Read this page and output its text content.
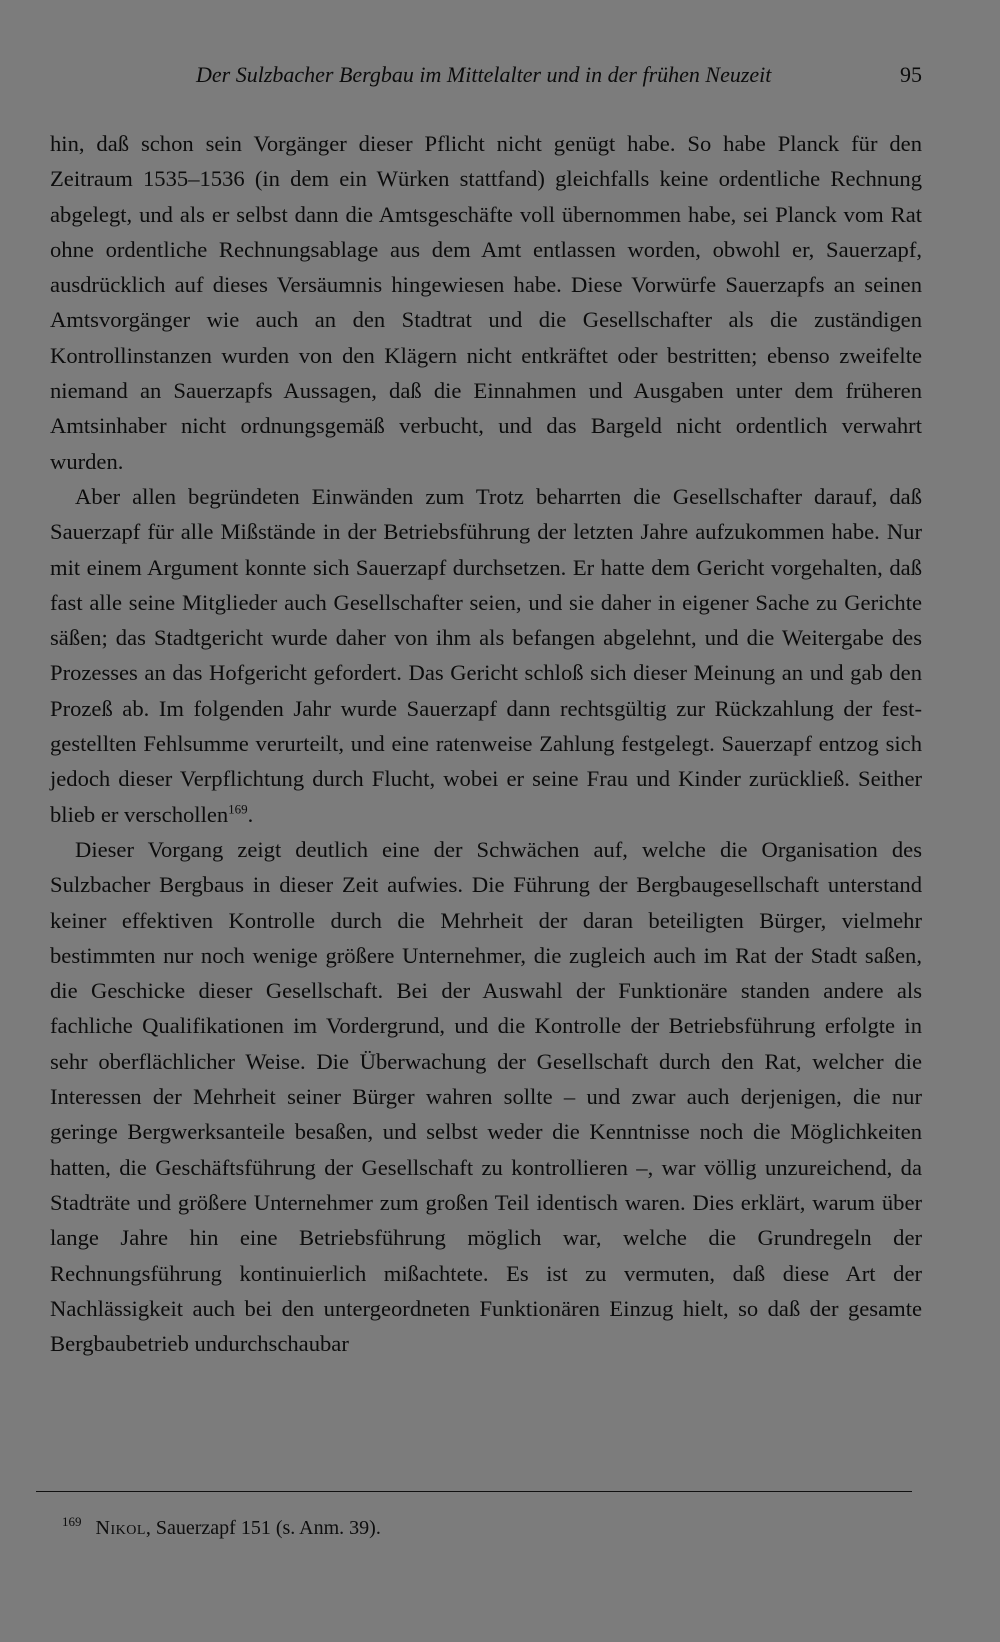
Der Sulzbacher Bergbau im Mittelalter und in der frühen Neuzeit	95

hin, daß schon sein Vorgänger dieser Pflicht nicht genügt habe. So habe Planck für den Zeitraum 1535–1536 (in dem ein Würken stattfand) gleichfalls keine ordentliche Rechnung abgelegt, und als er selbst dann die Amtsgeschäfte voll übernommen habe, sei Planck vom Rat ohne ordentliche Rechnungsablage aus dem Amt entlassen worden, obwohl er, Sauerzapf, ausdrücklich auf dieses Versäumnis hingewiesen habe. Diese Vorwürfe Sauerzapfs an seinen Amtsvorgänger wie auch an den Stadtrat und die Gesellschafter als die zuständigen Kontrollinstanzen wurden von den Klägern nicht entkräftet oder bestritten; ebenso zweifelte niemand an Sauerzapfs Aussagen, daß die Einnahmen und Ausgaben unter dem früheren Amtsinhaber nicht ordnungsgemäß verbucht, und das Bargeld nicht ordentlich verwahrt wurden.

Aber allen begründeten Einwänden zum Trotz beharrten die Gesellschafter darauf, daß Sauerzapf für alle Mißstände in der Betriebsführung der letzten Jahre aufzukommen habe. Nur mit einem Argument konnte sich Sauerzapf durchsetzen. Er hatte dem Gericht vorgehalten, daß fast alle seine Mitglieder auch Gesellschafter seien, und sie daher in eigener Sache zu Gerichte säßen; das Stadtgericht wurde daher von ihm als befangen abgelehnt, und die Weitergabe des Prozesses an das Hofgericht gefordert. Das Gericht schloß sich dieser Meinung an und gab den Prozeß ab. Im folgenden Jahr wurde Sauerzapf dann rechtsgültig zur Rückzahlung der festgestellten Fehlsumme verurteilt, und eine ratenweise Zahlung festgelegt. Sauerzapf entzog sich jedoch dieser Verpflichtung durch Flucht, wobei er seine Frau und Kinder zurückließ. Seither blieb er verschollen$^{169}$.

Dieser Vorgang zeigt deutlich eine der Schwächen auf, welche die Organisation des Sulzbacher Bergbaus in dieser Zeit aufwies. Die Führung der Bergbaugesellschaft unterstand keiner effektiven Kontrolle durch die Mehrheit der daran beteiligten Bürger, vielmehr bestimmten nur noch wenige größere Unternehmer, die zugleich auch im Rat der Stadt saßen, die Geschicke dieser Gesellschaft. Bei der Auswahl der Funktionäre standen andere als fachliche Qualifikationen im Vordergrund, und die Kontrolle der Betriebsführung erfolgte in sehr oberflächlicher Weise. Die Überwachung der Gesellschaft durch den Rat, welcher die Interessen der Mehrheit seiner Bürger wahren sollte – und zwar auch derjenigen, die nur geringe Bergwerksanteile besaßen, und selbst weder die Kenntnisse noch die Möglichkeiten hatten, die Geschäftsführung der Gesellschaft zu kontrollieren –, war völlig unzureichend, da Stadträte und größere Unternehmer zum großen Teil identisch waren. Dies erklärt, warum über lange Jahre hin eine Betriebsführung möglich war, welche die Grundregeln der Rechnungsführung kontinuierlich mißachtete. Es ist zu vermuten, daß diese Art der Nachlässigkeit auch bei den untergeordneten Funktionären Einzug hielt, so daß der gesamte Bergbaubetrieb undurchschaubar

$^{169}$ Nikol, Sauerzapf 151 (s. Anm. 39).
